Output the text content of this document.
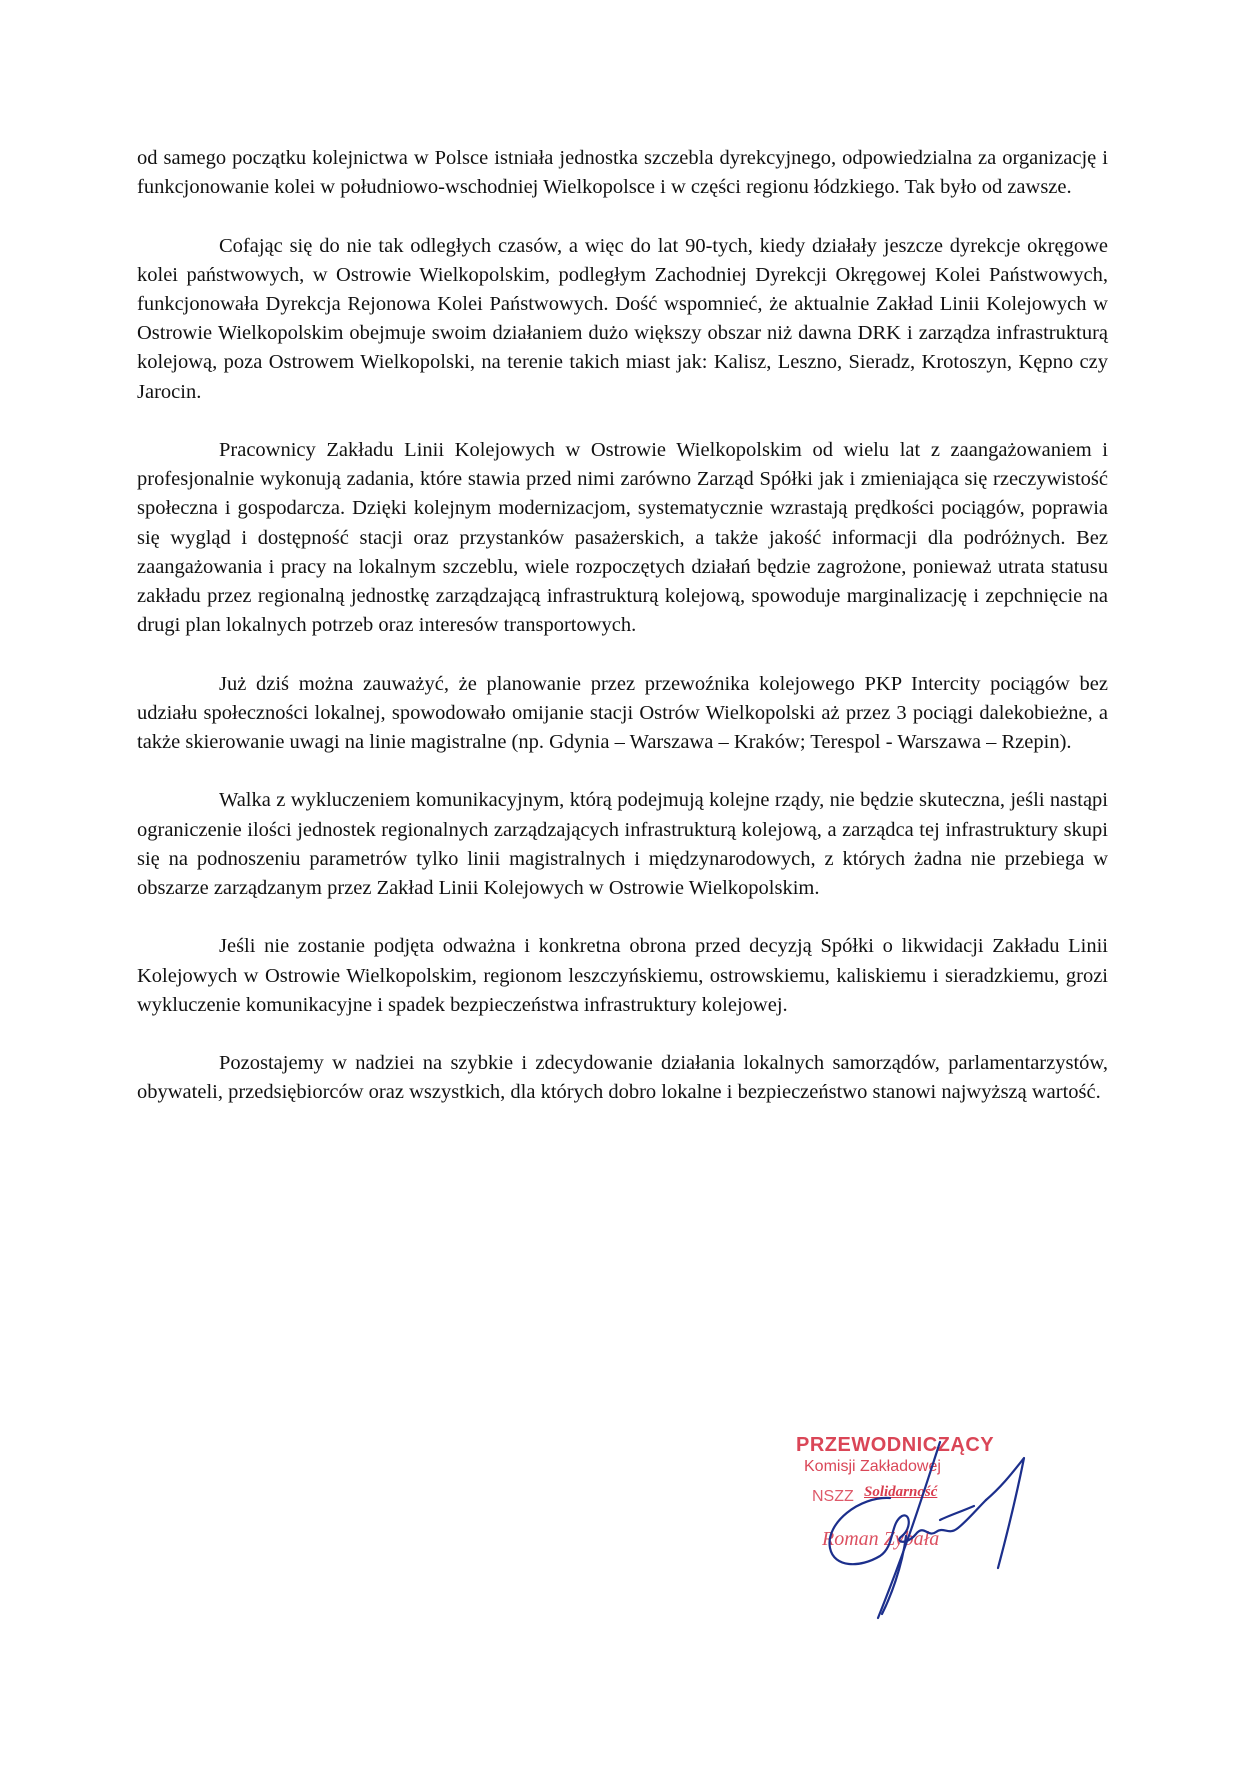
od samego początku kolejnictwa w Polsce istniała jednostka szczebla dyrekcyjnego, odpowiedzialna za organizację i funkcjonowanie kolei w południowo-wschodniej Wielkopolsce i w części regionu łódzkiego. Tak było od zawsze.

Cofając się do nie tak odległych czasów, a więc do lat 90-tych, kiedy działały jeszcze dyrekcje okręgowe kolei państwowych, w Ostrowie Wielkopolskim, podległym Zachodniej Dyrekcji Okręgowej Kolei Państwowych, funkcjonowała Dyrekcja Rejonowa Kolei Państwowych. Dość wspomnieć, że aktualnie Zakład Linii Kolejowych w Ostrowie Wielkopolskim obejmuje swoim działaniem dużo większy obszar niż dawna DRK i zarządza infrastrukturą kolejową, poza Ostrowem Wielkopolski, na terenie takich miast jak: Kalisz, Leszno, Sieradz, Krotoszyn, Kępno czy Jarocin.

Pracownicy Zakładu Linii Kolejowych w Ostrowie Wielkopolskim od wielu lat z zaangażowaniem i profesjonalnie wykonują zadania, które stawia przed nimi zarówno Zarząd Spółki jak i zmieniająca się rzeczywistość społeczna i gospodarcza. Dzięki kolejnym modernizacjom, systematycznie wzrastają prędkości pociągów, poprawia się wygląd i dostępność stacji oraz przystanków pasażerskich, a także jakość informacji dla podróżnych. Bez zaangażowania i pracy na lokalnym szczeblu, wiele rozpoczętych działań będzie zagrożone, ponieważ utrata statusu zakładu przez regionalną jednostkę zarządzającą infrastrukturą kolejową, spowoduje marginalizację i zepchnięcie na drugi plan lokalnych potrzeb oraz interesów transportowych.

Już dziś można zauważyć, że planowanie przez przewoźnika kolejowego PKP Intercity pociągów bez udziału społeczności lokalnej, spowodowało omijanie stacji Ostrów Wielkopolski aż przez 3 pociągi dalekobieżne, a także skierowanie uwagi na linie magistralne (np. Gdynia – Warszawa – Kraków; Terespol - Warszawa – Rzepin).

Walka z wykluczeniem komunikacyjnym, którą podejmują kolejne rządy, nie będzie skuteczna, jeśli nastąpi ograniczenie ilości jednostek regionalnych zarządzających infrastrukturą kolejową, a zarządca tej infrastruktury skupi się na podnoszeniu parametrów tylko linii magistralnych i międzynarodowych, z których żadna nie przebiega w obszarze zarządzanym przez Zakład Linii Kolejowych w Ostrowie Wielkopolskim.

Jeśli nie zostanie podjęta odważna i konkretna obrona przed decyzją Spółki o likwidacji Zakładu Linii Kolejowych w Ostrowie Wielkopolskim, regionom leszczyńskiemu, ostrowskiemu, kaliskiemu i sieradzkiemu, grozi wykluczenie komunikacyjne i spadek bezpieczeństwa infrastruktury kolejowej.

Pozostajemy w nadziei na szybkie i zdecydowanie działania lokalnych samorządów, parlamentarzystów, obywateli, przedsiębiorców oraz wszystkich, dla których dobro lokalne i bezpieczeństwo stanowi najwyższą wartość.

PRZEWODNICZĄCY
Komisji Zakładowej
NSZZ Solidarność
Roman Zybała
